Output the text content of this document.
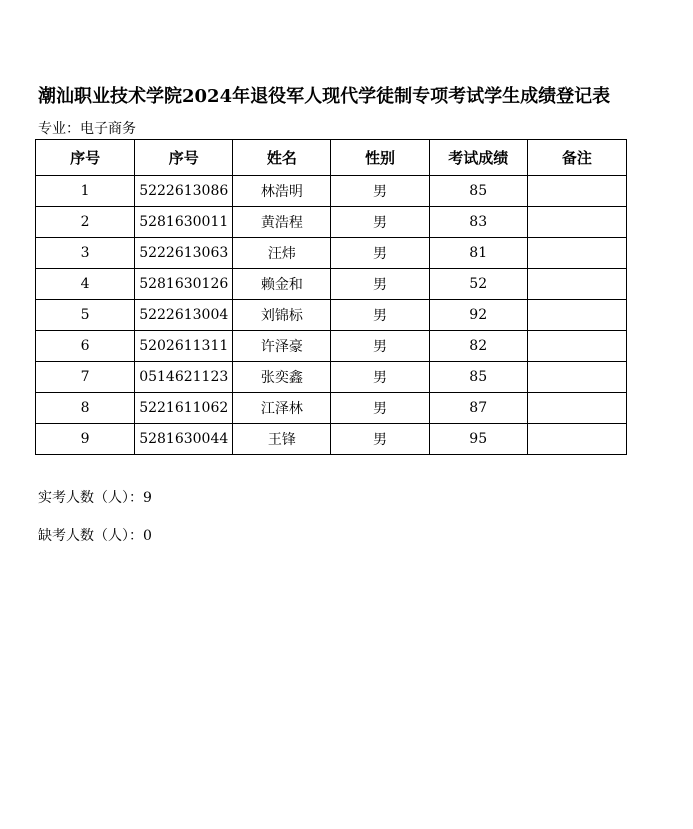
潮汕职业技术学院2024年退役军人现代学徒制专项考试学生成绩登记表
专业：电子商务
序号	序号	姓名	性别	考试成绩	备注
1	5222613086	林浩明	男	85	
2	5281630011	黄浩程	男	83	
3	5222613063	汪炜	男	81	
4	5281630126	赖金和	男	52	
5	5222613004	刘锦标	男	92	
6	5202611311	许泽豪	男	82	
7	0514621123	张奕鑫	男	85	
8	5221611062	江泽林	男	87	
9	5281630044	王锋	男	95	
实考人数（人）：9
缺考人数（人）：0
